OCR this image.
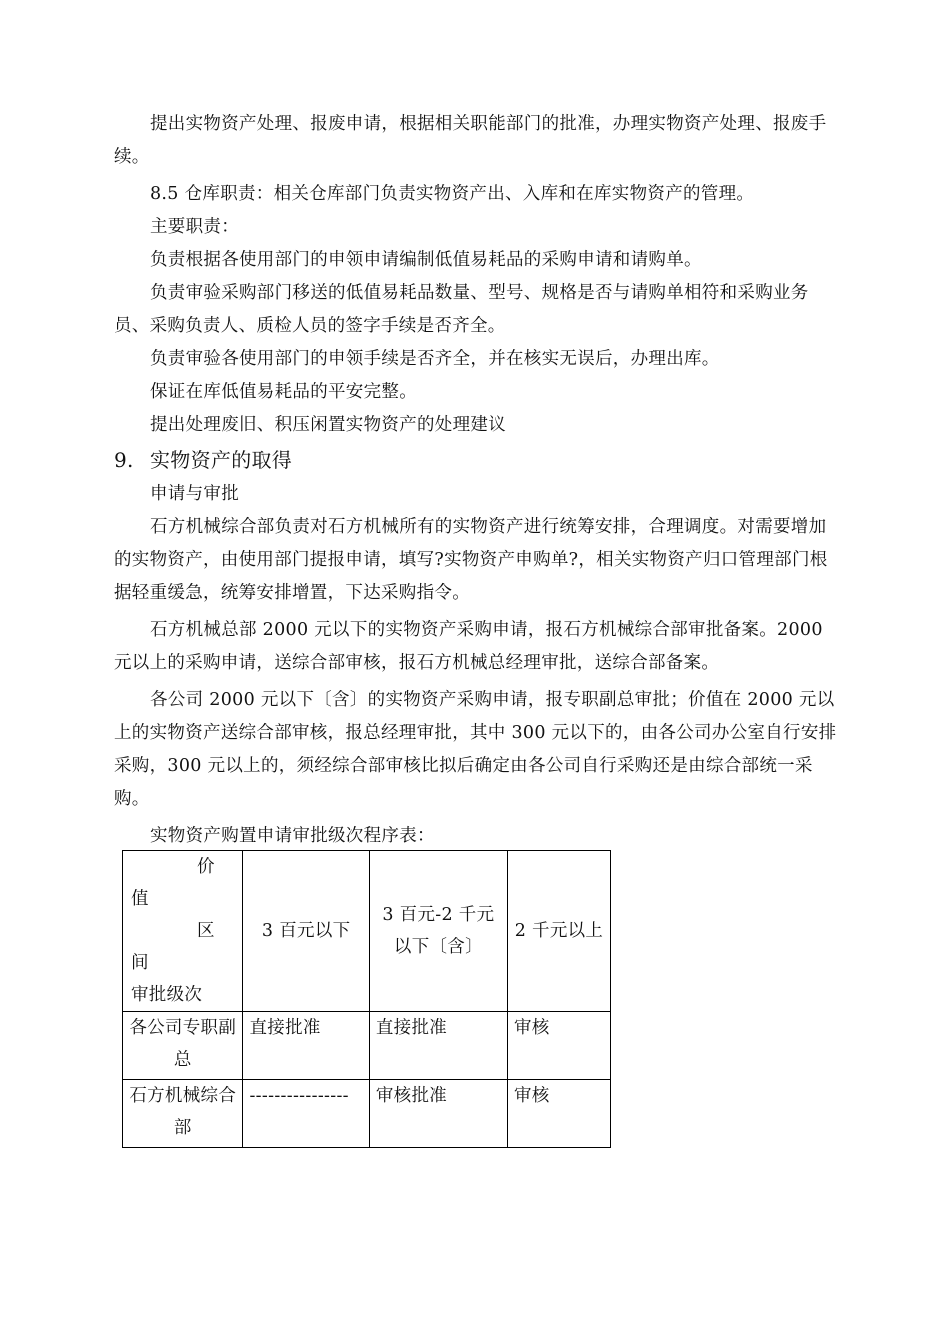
提出实物资产处理、报废申请，根据相关职能部门的批准，办理实物资产处理、报废手续。

8.5 仓库职责：相关仓库部门负责实物资产出、入库和在库实物资产的管理。

主要职责：

负责根据各使用部门的申领申请编制低值易耗品的采购申请和请购单。

负责审验采购部门移送的低值易耗品数量、型号、规格是否与请购单相符和采购业务员、采购负责人、质检人员的签字手续是否齐全。

负责审验各使用部门的申领手续是否齐全，并在核实无误后，办理出库。

保证在库低值易耗品的平安完整。

提出处理废旧、积压闲置实物资产的处理建议

9. 实物资产的取得

申请与审批

石方机械综合部负责对石方机械所有的实物资产进行统筹安排，合理调度。对需要增加的实物资产，由使用部门提报申请，填写?实物资产申购单?，相关实物资产归口管理部门根据轻重缓急，统筹安排增置，下达采购指令。

石方机械总部 2000 元以下的实物资产采购申请，报石方机械综合部审批备案。2000 元以上的采购申请，送综合部审核，报石方机械总经理审批，送综合部备案。

各公司 2000 元以下〔含〕的实物资产采购申请，报专职副总审批；价值在 2000 元以上的实物资产送综合部审核，报总经理审批，其中 300 元以下的，由各公司办公室自行安排采购，300 元以上的，须经综合部审核比拟后确定由各公司自行采购还是由综合部统一采购。

实物资产购置申请审批级次程序表：

价
值
区
间
审批级次	3 百元以下	3 百元-2 千元以下〔含〕	2 千元以上
各公司专职副总	直接批准	直接批准	审核
石方机械综合部	----------------	审核批准	审核
